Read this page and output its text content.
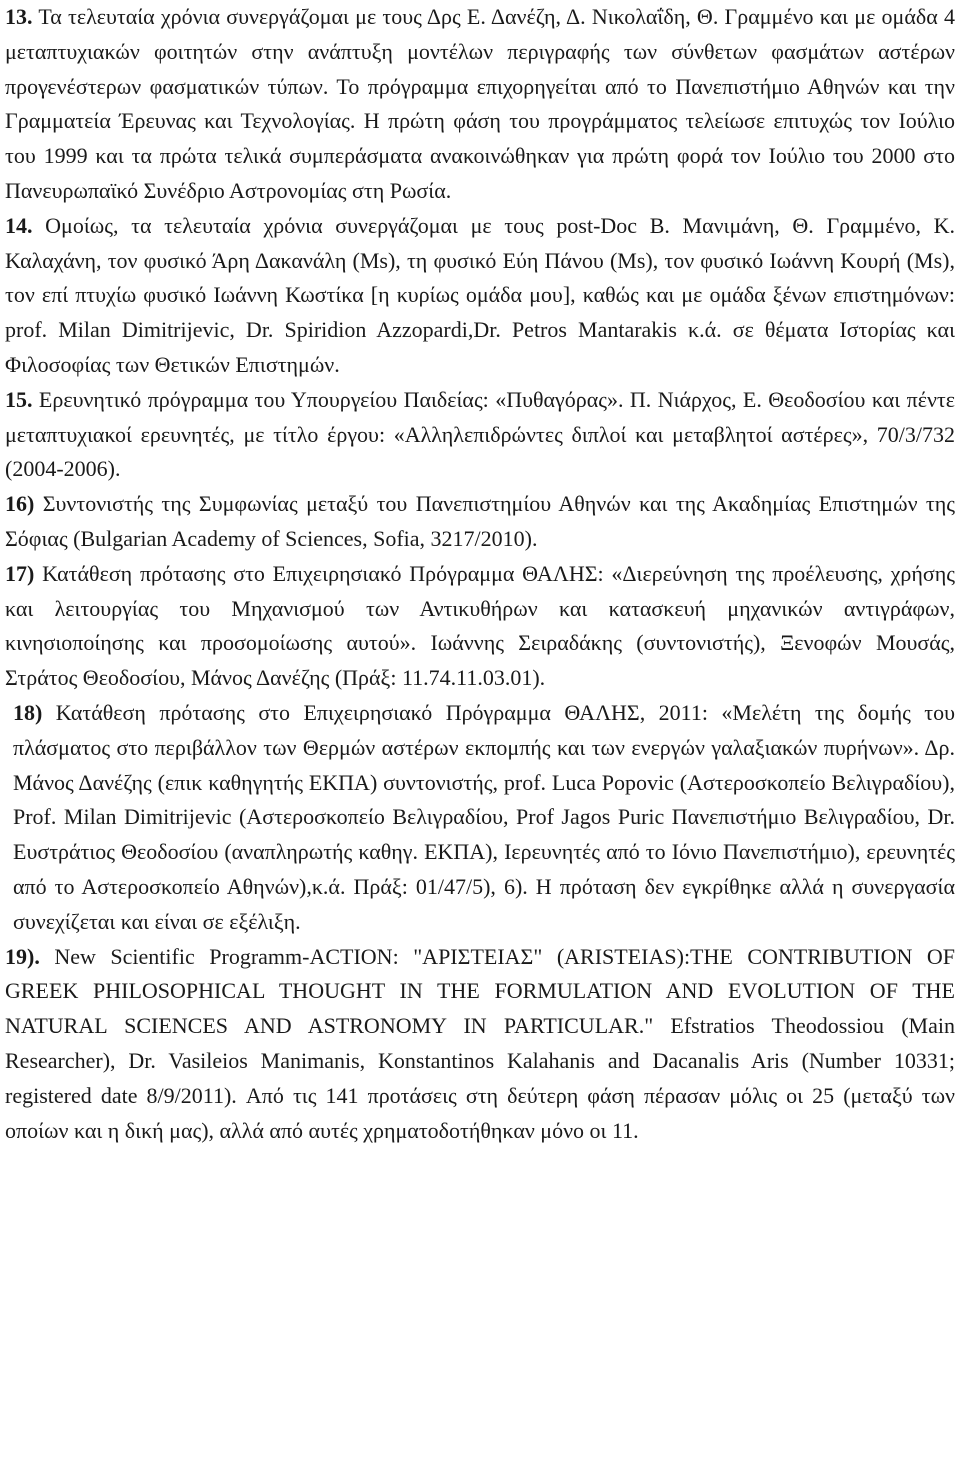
13. Τα τελευταία χρόνια συνεργάζομαι με τους Δρς Ε. Δανέζη, Δ. Νικολαΐδη, Θ. Γραμμένο και με ομάδα 4 μεταπτυχιακών φοιτητών στην ανάπτυξη μοντέλων περιγραφής των σύνθετων φασμάτων αστέρων προγενέστερων φασματικών τύπων. Το πρόγραμμα επιχορηγείται από το Πανεπιστήμιο Αθηνών και την Γραμματεία Έρευνας και Τεχνολογίας. Η πρώτη φάση του προγράμματος τελείωσε επιτυχώς τον Ιούλιο του 1999 και τα πρώτα τελικά συμπεράσματα ανακοινώθηκαν για πρώτη φορά τον Ιούλιο του 2000 στο Πανευρωπαϊκό Συνέδριο Αστρονομίας στη Ρωσία.

14. Ομοίως, τα τελευταία χρόνια συνεργάζομαι με τους post-Doc Β. Μανιμάνη, Θ. Γραμμένο, Κ. Καλαχάνη, τον φυσικό Άρη Δακανάλη (Ms), τη φυσικό Εύη Πάνου (Ms), τον φυσικό Ιωάννη Κουρή (Ms), τον επί πτυχίω φυσικό Ιωάννη Κωστίκα [η κυρίως ομάδα μου], καθώς και με ομάδα ξένων επιστημόνων: prof. Milan Dimitrijevic, Dr. Spiridion Azzopardi,Dr. Petros Mantarakis κ.ά. σε θέματα Ιστορίας και Φιλοσοφίας των Θετικών Επιστημών.

15. Ερευνητικό πρόγραμμα του Υπουργείου Παιδείας: «Πυθαγόρας». Π. Νιάρχος, Ε. Θεοδοσίου και πέντε μεταπτυχιακοί ερευνητές, με τίτλο έργου: «Αλληλεπιδρώντες διπλοί και μεταβλητοί αστέρες», 70/3/732 (2004-2006).

16) Συντονιστής της Συμφωνίας μεταξύ του Πανεπιστημίου Αθηνών και της Ακαδημίας Επιστημών της Σόφιας (Bulgarian Academy of Sciences, Sofia, 3217/2010).

17) Κατάθεση πρότασης στο Επιχειρησιακό Πρόγραμμα ΘΑΛΗΣ: «Διερεύνηση της προέλευσης, χρήσης και λειτουργίας του Μηχανισμού των Αντικυθήρων και κατασκευή μηχανικών αντιγράφων, κινησιοποίησης και προσομοίωσης αυτού». Ιωάννης Σειραδάκης (συντονιστής), Ξενοφών Μουσάς, Στράτος Θεοδοσίου, Μάνος Δανέζης (Πράξ: 11.74.11.03.01).

18) Κατάθεση πρότασης στο Επιχειρησιακό Πρόγραμμα ΘΑΛΗΣ, 2011: «Μελέτη της δομής του πλάσματος στο περιβάλλον των Θερμών αστέρων εκπομπής και των ενεργών γαλαξιακών πυρήνων». Δρ. Μάνος Δανέζης (επικ καθηγητής ΕΚΠΑ) συντονιστής, prof. Luca Popovic (Αστεροσκοπείο Βελιγραδίου), Prof. Milan Dimitrijevic (Αστεροσκοπείο Βελιγραδίου, Prof Jagos Puric Πανεπιστήμιο Βελιγραδίου, Dr. Ευστράτιος Θεοδοσίου (αναπληρωτής καθηγ. ΕΚΠΑ), Ιερευνητές από το Ιόνιο Πανεπιστήμιο), ερευνητές από το Αστεροσκοπείο Αθηνών),κ.ά. Πράξ: 01/47/5), 6). Η πρόταση δεν εγκρίθηκε αλλά η συνεργασία συνεχίζεται και είναι σε εξέλιξη.

19). New Scientific Programm-ACTION: "ΑΡΙΣΤΕΙΑΣ" (ARISTEIAS):THE CONTRIBUTION OF GREEK PHILOSOPHICAL THOUGHT IN THE FORMULATION AND EVOLUTION OF THE NATURAL SCIENCES AND ASTRONOMY IN PARTICULAR." Efstratios Theodossiou (Main Researcher), Dr. Vasileios Manimanis, Konstantinos Kalahanis and Dacanalis Aris (Number 10331; registered date 8/9/2011). Από τις 141 προτάσεις στη δεύτερη φάση πέρασαν μόλις οι 25 (μεταξύ των οποίων και η δική μας), αλλά από αυτές χρηματοδοτήθηκαν μόνο οι 11.
